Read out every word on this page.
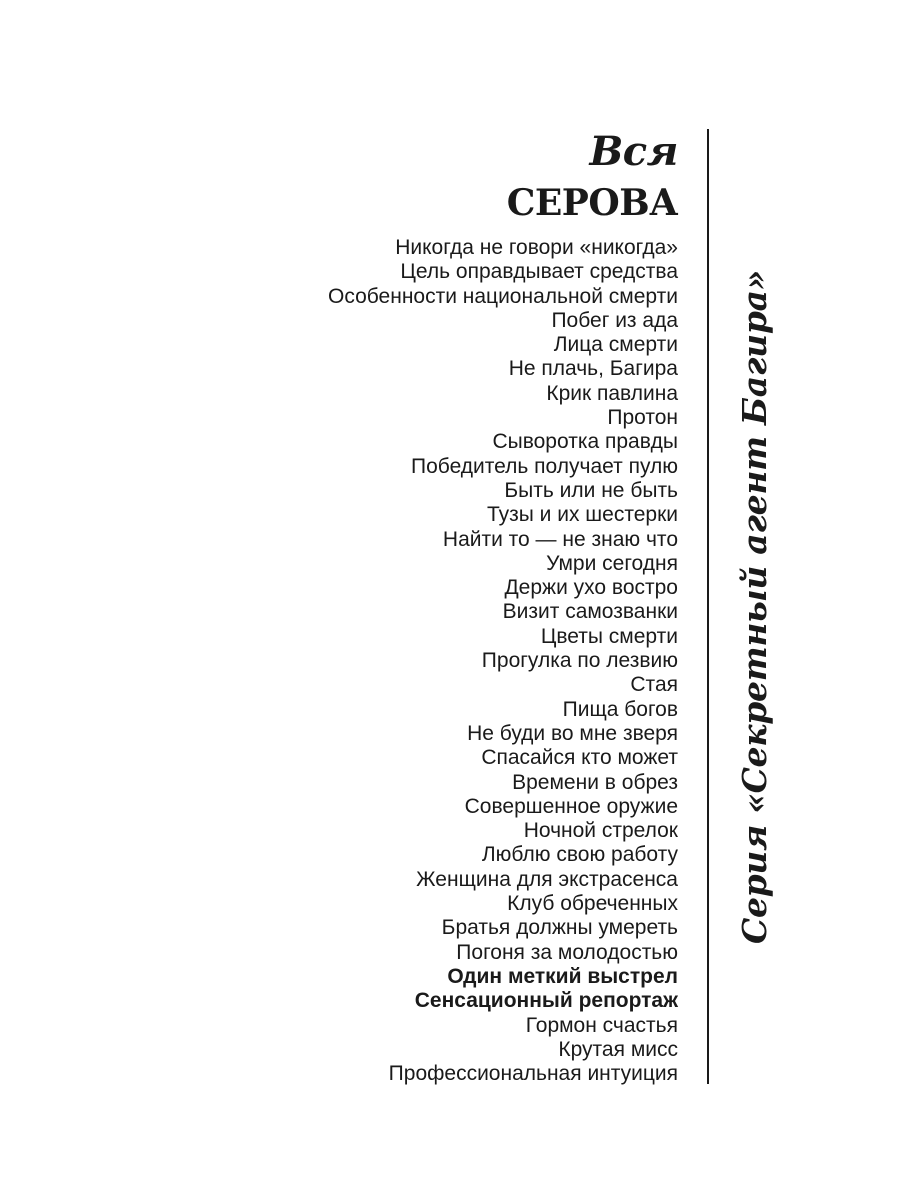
Вся
СЕРОВА
Никогда не говори «никогда»
Цель оправдывает средства
Особенности национальной смерти
Побег из ада
Лица смерти
Не плачь, Багира
Крик павлина
Протон
Сыворотка правды
Победитель получает пулю
Быть или не быть
Тузы и их шестерки
Найти то — не знаю что
Умри сегодня
Держи ухо востро
Визит самозванки
Цветы смерти
Прогулка по лезвию
Стая
Пища богов
Не буди во мне зверя
Спасайся кто может
Времени в обрез
Совершенное оружие
Ночной стрелок
Люблю свою работу
Женщина для экстрасенса
Клуб обреченных
Братья должны умереть
Погоня за молодостью
Один меткий выстрел
Сенсационный репортаж
Гормон счастья
Крутая мисс
Профессиональная интуиция
Серия «Секретный агент Багира»
